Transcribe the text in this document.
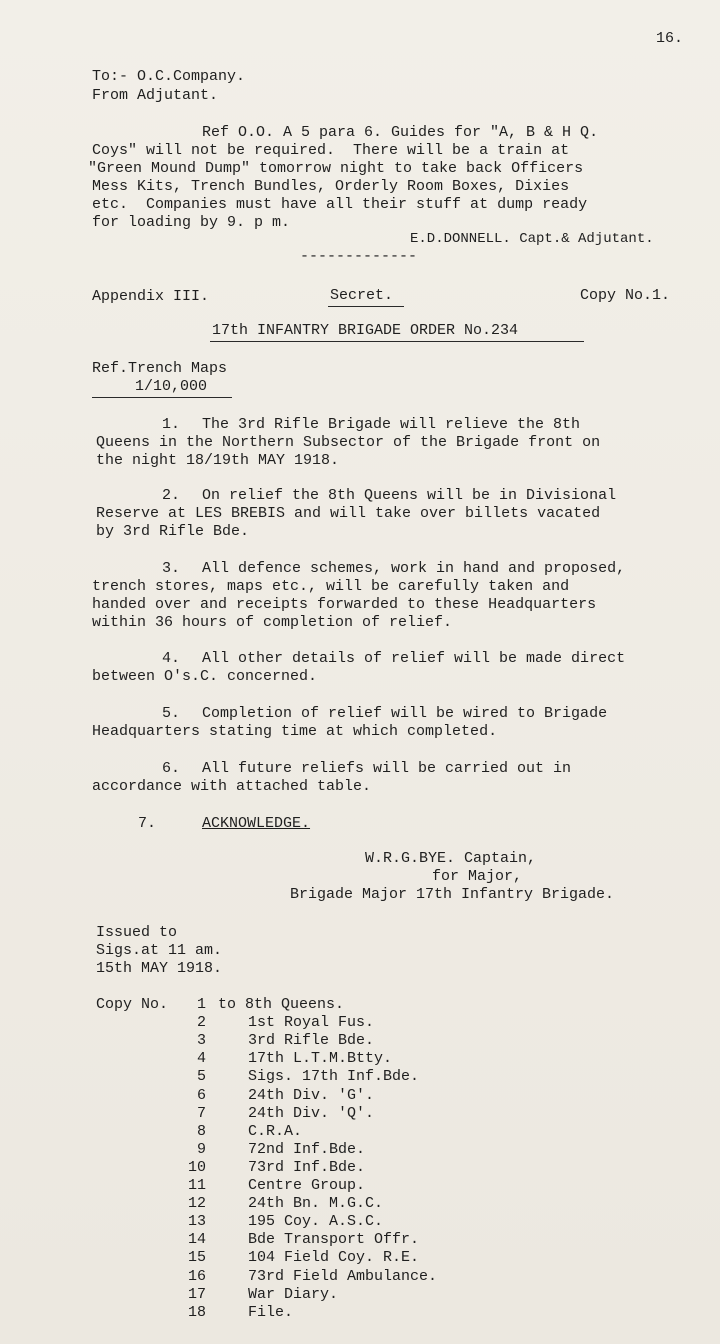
16.
To:- O.C.Company.
From Adjutant.
Ref O.O. A 5 para 6. Guides for "A, B & H Q.
Coys" will not be required.  There will be a train at
"Green Mound Dump" tomorrow night to take back Officers
Mess Kits, Trench Bundles, Orderly Room Boxes, Dixies
etc.  Companies must have all their stuff at dump ready
for loading by 9. p m.
E.D.DONNELL. Capt.& Adjutant.
-------------
Appendix III.	Secret.	Copy No.1.
17th INFANTRY BRIGADE ORDER No.234
Ref.Trench Maps
1/10,000
1. The 3rd Rifle Brigade will relieve the 8th
Queens in the Northern Subsector of the Brigade front on
the night 18/19th MAY 1918.
2. On relief the 8th Queens will be in Divisional
Reserve at LES BREBIS and will take over billets vacated
by 3rd Rifle Bde.
3. All defence schemes, work in hand and proposed,
trench stores, maps etc., will be carefully taken and
handed over and receipts forwarded to these Headquarters
within 36 hours of completion of relief.
4. All other details of relief will be made direct
between O's.C. concerned.
5. Completion of relief will be wired to Brigade
Headquarters stating time at which completed.
6. All future reliefs will be carried out in
accordance with attached table.
7.	ACKNOWLEDGE.
W.R.G.BYE. Captain,
for Major,
Brigade Major 17th Infantry Brigade.
Issued to
Sigs.at 11 am.
15th MAY 1918.
Copy No.	1 to 8th Queens.
2	1st Royal Fus.
3	3rd Rifle Bde.
4	17th L.T.M.Btty.
5	Sigs. 17th Inf.Bde.
6	24th Div. 'G'.
7	24th Div. 'Q'.
8	C.R.A.
9	72nd Inf.Bde.
10	73rd Inf.Bde.
11	Centre Group.
12	24th Bn. M.G.C.
13	195 Coy. A.S.C.
14	Bde Transport Offr.
15	104 Field Coy. R.E.
16	73rd Field Ambulance.
17	War Diary.
18	File.
